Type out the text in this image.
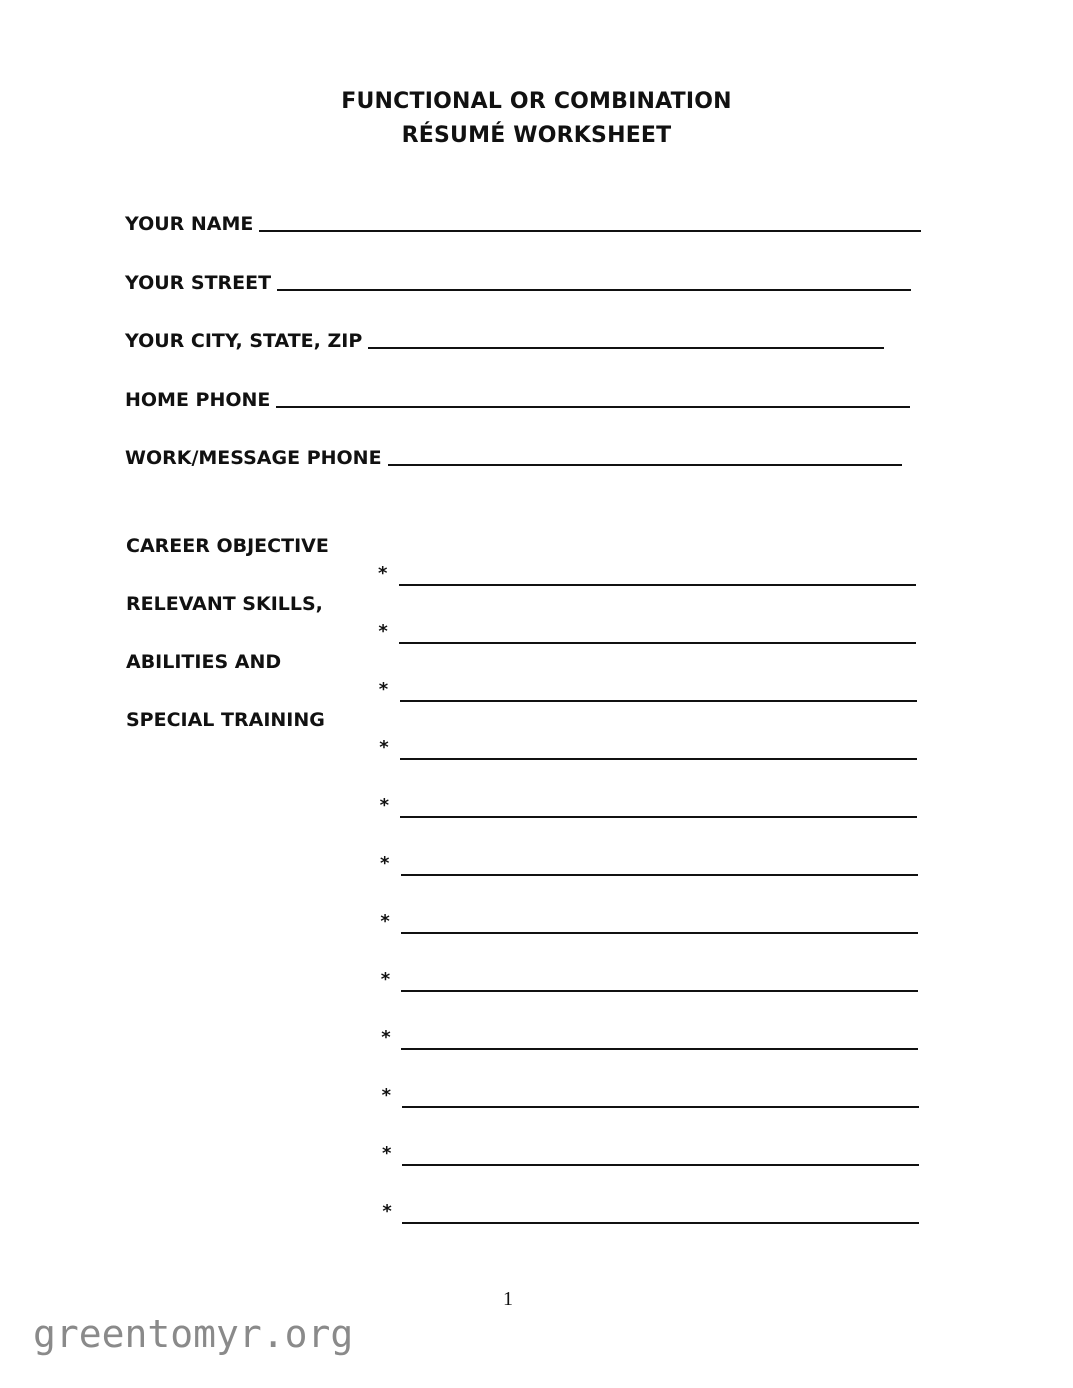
FUNCTIONAL OR COMBINATION
RÉSUMÉ WORKSHEET
YOUR NAME
YOUR STREET
YOUR CITY, STATE, ZIP
HOME PHONE
WORK/MESSAGE PHONE
CAREER OBJECTIVE
RELEVANT SKILLS,
ABILITIES AND
SPECIAL TRAINING
*
*
*
*
*
*
*
*
*
*
*
*
1
greentomyr.org
